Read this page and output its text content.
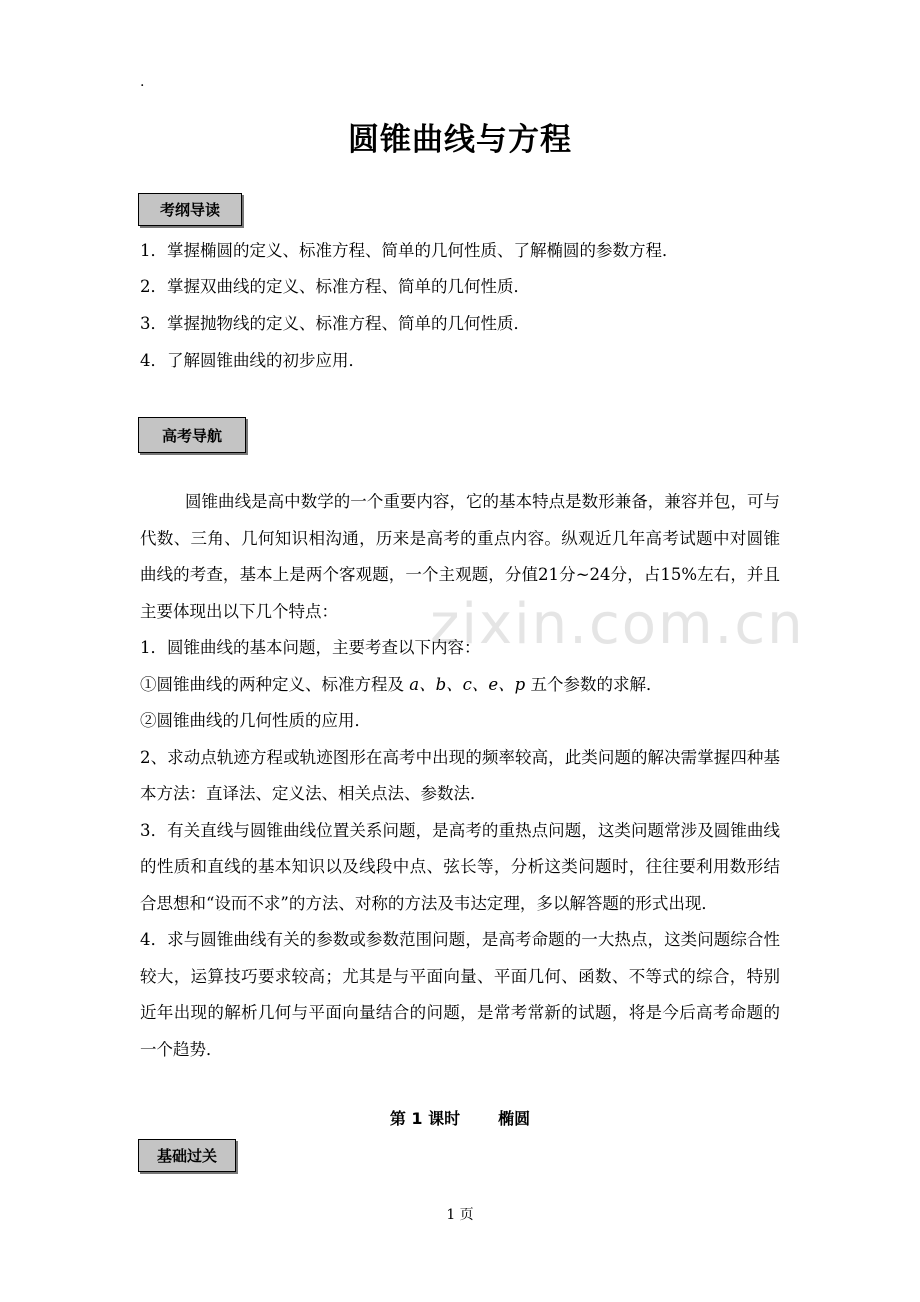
.
圆锥曲线与方程
考纲导读
1．掌握椭圆的定义、标准方程、简单的几何性质、了解椭圆的参数方程．
2．掌握双曲线的定义、标准方程、简单的几何性质．
3．掌握抛物线的定义、标准方程、简单的几何性质．
4．了解圆锥曲线的初步应用．
高考导航
zixin.com.cn

圆锥曲线是高中数学的一个重要内容，它的基本特点是数形兼备，兼容并包，可与代数、三角、几何知识相沟通，历来是高考的重点内容。纵观近几年高考试题中对圆锥曲线的考查，基本上是两个客观题，一个主观题，分值21分~24分，占15%左右，并且主要体现出以下几个特点：

1．圆锥曲线的基本问题，主要考查以下内容：

①圆锥曲线的两种定义、标准方程及 a、b、c、e、p 五个参数的求解．

②圆锥曲线的几何性质的应用．

2、求动点轨迹方程或轨迹图形在高考中出现的频率较高，此类问题的解决需掌握四种基本方法：直译法、定义法、相关点法、参数法．

3．有关直线与圆锥曲线位置关系问题，是高考的重热点问题，这类问题常涉及圆锥曲线的性质和直线的基本知识以及线段中点、弦长等，分析这类问题时，往往要利用数形结合思想和“设而不求”的方法、对称的方法及韦达定理，多以解答题的形式出现．

4．求与圆锥曲线有关的参数或参数范围问题，是高考命题的一大热点，这类问题综合性较大，运算技巧要求较高；尤其是与平面向量、平面几何、函数、不等式的综合，特别近年出现的解析几何与平面向量结合的问题，是常考常新的试题，将是今后高考命题的一个趋势．

第 1 课时 椭圆
基础过关
1 页
